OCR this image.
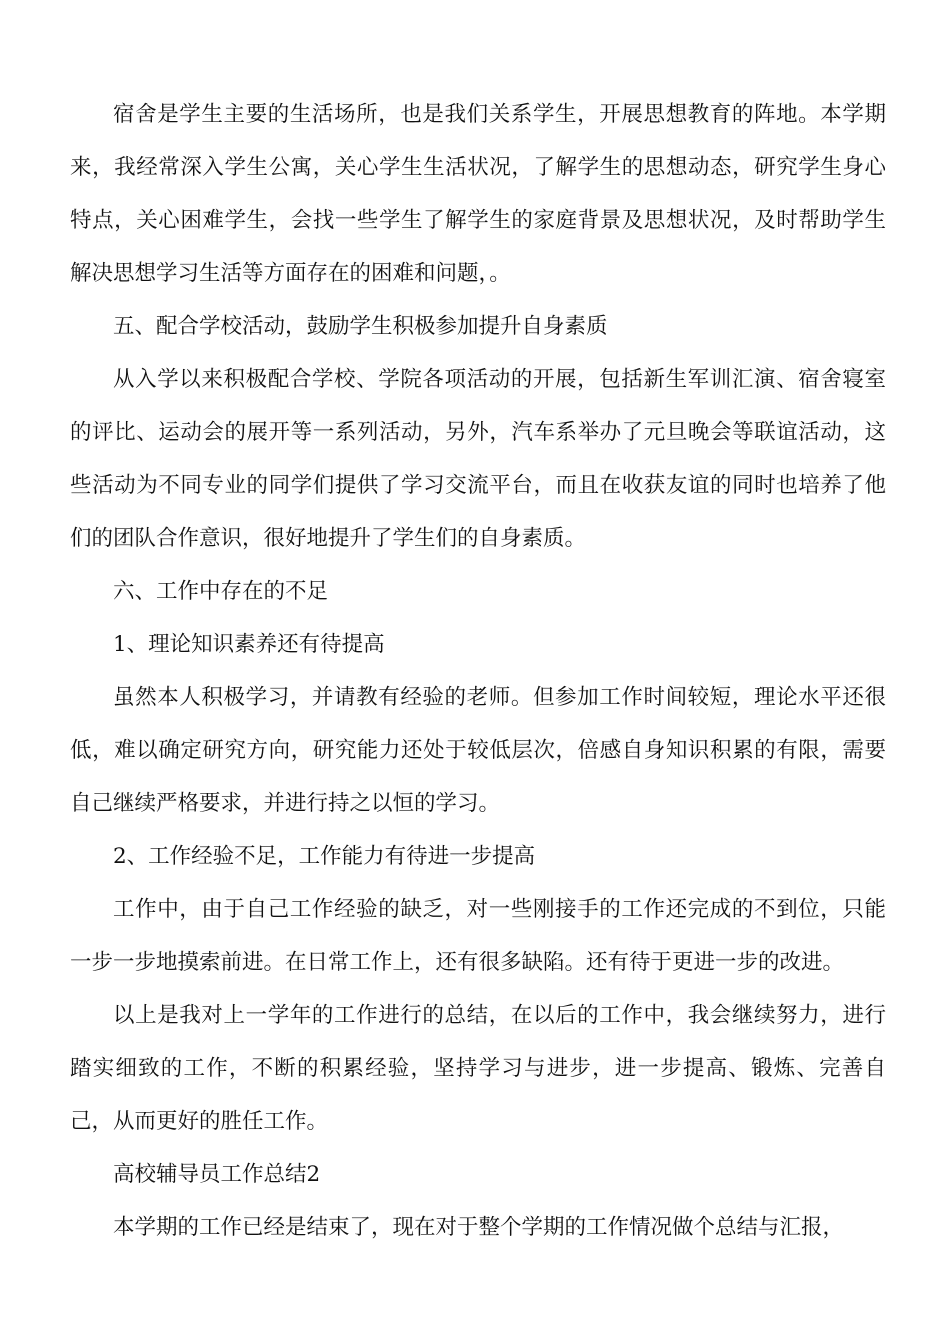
宿舍是学生主要的生活场所，也是我们关系学生，开展思想教育的阵地。本学期来，我经常深入学生公寓，关心学生生活状况，了解学生的思想动态，研究学生身心特点，关心困难学生，会找一些学生了解学生的家庭背景及思想状况，及时帮助学生解决思想学习生活等方面存在的困难和问题，。

五、配合学校活动，鼓励学生积极参加提升自身素质

从入学以来积极配合学校、学院各项活动的开展，包括新生军训汇演、宿舍寝室的评比、运动会的展开等一系列活动，另外，汽车系举办了元旦晚会等联谊活动，这些活动为不同专业的同学们提供了学习交流平台，而且在收获友谊的同时也培养了他们的团队合作意识，很好地提升了学生们的自身素质。

六、工作中存在的不足

1、理论知识素养还有待提高

虽然本人积极学习，并请教有经验的老师。但参加工作时间较短，理论水平还很低，难以确定研究方向，研究能力还处于较低层次，倍感自身知识积累的有限，需要自己继续严格要求，并进行持之以恒的学习。

2、工作经验不足，工作能力有待进一步提高

工作中，由于自己工作经验的缺乏，对一些刚接手的工作还完成的不到位，只能一步一步地摸索前进。在日常工作上，还有很多缺陷。还有待于更进一步的改进。

以上是我对上一学年的工作进行的总结，在以后的工作中，我会继续努力，进行踏实细致的工作，不断的积累经验，坚持学习与进步，进一步提高、锻炼、完善自己，从而更好的胜任工作。

高校辅导员工作总结2

本学期的工作已经是结束了，现在对于整个学期的工作情况做个总结与汇报，
